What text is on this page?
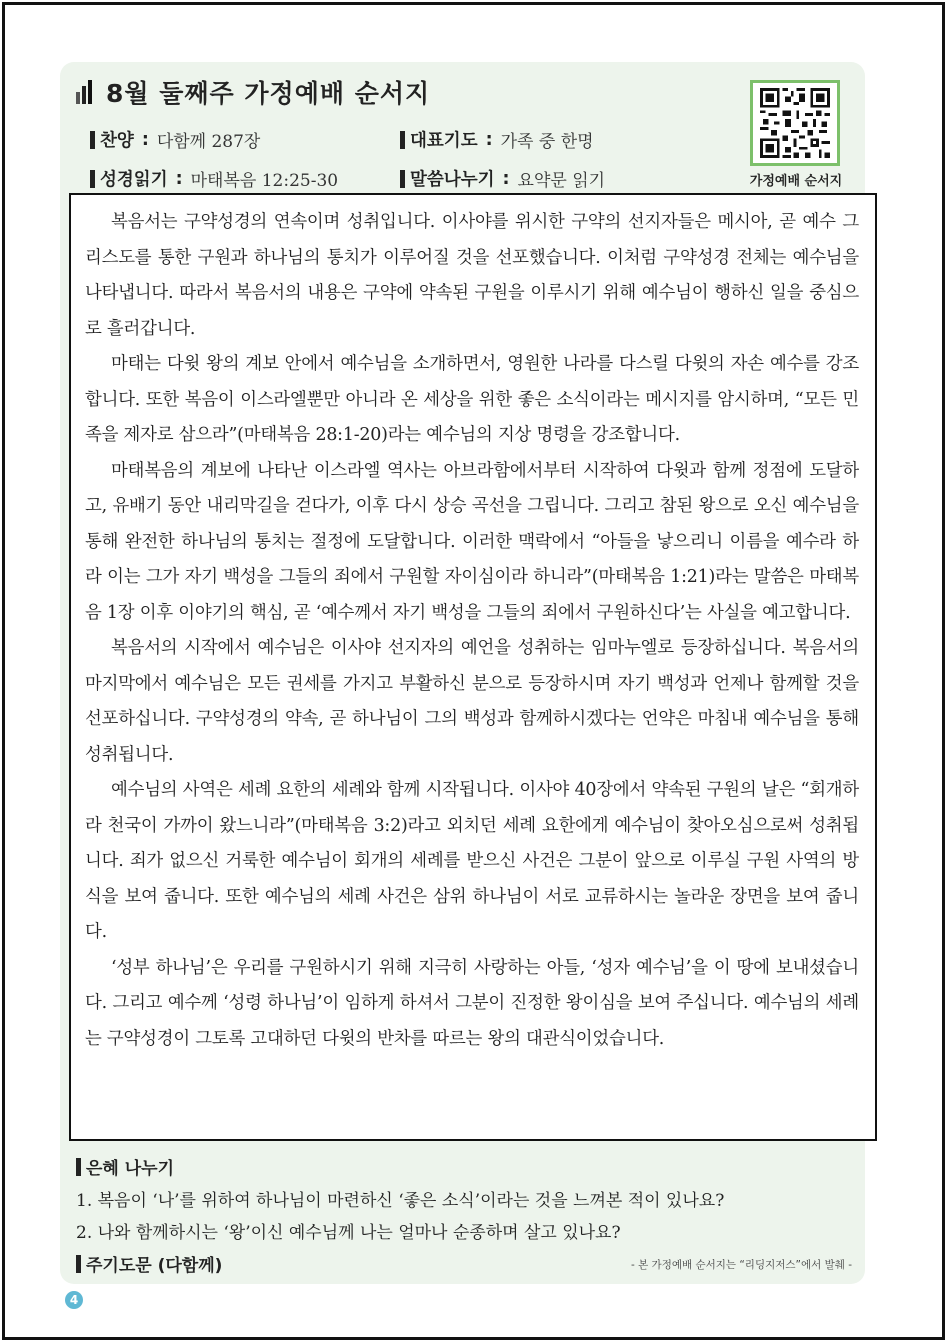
8월 둘째주 가정예배 순서지
찬양 : 다함께 287장	대표기도 : 가족 중 한명
성경읽기 : 마태복음 12:25-30	말씀나누기 : 요약문 읽기	가정예배 순서지

복음서는 구약성경의 연속이며 성취입니다. 이사야를 위시한 구약의 선지자들은 메시아, 곧 예수 그리스도를 통한 구원과 하나님의 통치가 이루어질 것을 선포했습니다. 이처럼 구약성경 전체는 예수님을 나타냅니다. 따라서 복음서의 내용은 구약에 약속된 구원을 이루시기 위해 예수님이 행하신 일을 중심으로 흘러갑니다.

마태는 다윗 왕의 계보 안에서 예수님을 소개하면서, 영원한 나라를 다스릴 다윗의 자손 예수를 강조합니다. 또한 복음이 이스라엘뿐만 아니라 온 세상을 위한 좋은 소식이라는 메시지를 암시하며, “모든 민족을 제자로 삼으라”(마태복음 28:1-20)라는 예수님의 지상 명령을 강조합니다.

마태복음의 계보에 나타난 이스라엘 역사는 아브라함에서부터 시작하여 다윗과 함께 정점에 도달하고, 유배기 동안 내리막길을 걷다가, 이후 다시 상승 곡선을 그립니다. 그리고 참된 왕으로 오신 예수님을 통해 완전한 하나님의 통치는 절정에 도달합니다. 이러한 맥락에서 “아들을 낳으리니 이름을 예수라 하라 이는 그가 자기 백성을 그들의 죄에서 구원할 자이심이라 하니라”(마태복음 1:21)라는 말씀은 마태복음 1장 이후 이야기의 핵심, 곧 ‘예수께서 자기 백성을 그들의 죄에서 구원하신다’는 사실을 예고합니다.

복음서의 시작에서 예수님은 이사야 선지자의 예언을 성취하는 임마누엘로 등장하십니다. 복음서의 마지막에서 예수님은 모든 권세를 가지고 부활하신 분으로 등장하시며 자기 백성과 언제나 함께할 것을 선포하십니다. 구약성경의 약속, 곧 하나님이 그의 백성과 함께하시겠다는 언약은 마침내 예수님을 통해 성취됩니다.

예수님의 사역은 세례 요한의 세례와 함께 시작됩니다. 이사야 40장에서 약속된 구원의 날은 “회개하라 천국이 가까이 왔느니라”(마태복음 3:2)라고 외치던 세례 요한에게 예수님이 찾아오심으로써 성취됩니다. 죄가 없으신 거룩한 예수님이 회개의 세례를 받으신 사건은 그분이 앞으로 이루실 구원 사역의 방식을 보여 줍니다. 또한 예수님의 세례 사건은 삼위 하나님이 서로 교류하시는 놀라운 장면을 보여 줍니다.

‘성부 하나님’은 우리를 구원하시기 위해 지극히 사랑하는 아들, ‘성자 예수님’을 이 땅에 보내셨습니다. 그리고 예수께 ‘성령 하나님’이 임하게 하셔서 그분이 진정한 왕이심을 보여 주십니다. 예수님의 세례는 구약성경이 그토록 고대하던 다윗의 반차를 따르는 왕의 대관식이었습니다.

은혜 나누기
1. 복음이 ‘나’를 위하여 하나님이 마련하신 ‘좋은 소식’이라는 것을 느껴본 적이 있나요?
2. 나와 함께하시는 ‘왕’이신 예수님께 나는 얼마나 순종하며 살고 있나요?
주기도문 (다함께)	- 본 가정예배 순서지는 “리딩지저스”에서 발췌 -
4
